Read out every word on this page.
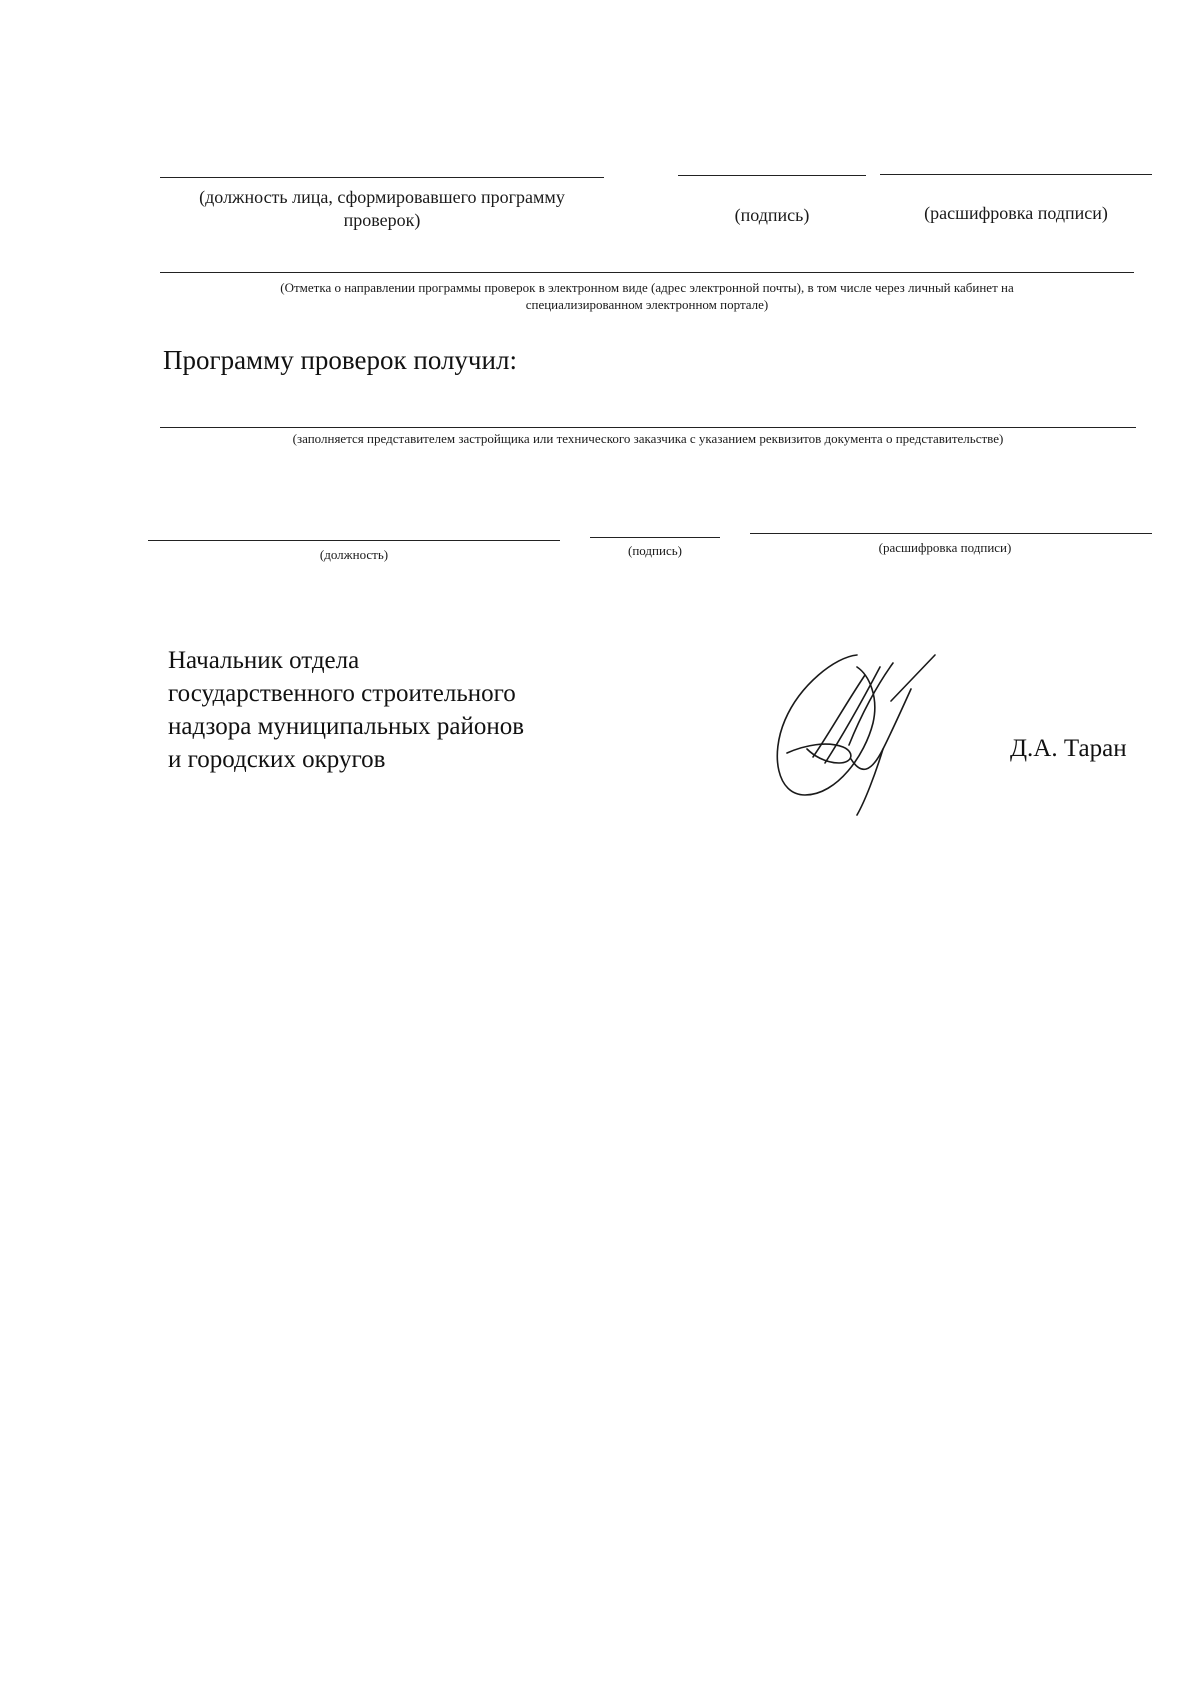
(должность лица, сформировавшего программу
проверок)	(подпись)	(расшифровка подписи)
(Отметка о направлении программы проверок в электронном виде (адрес электронной почты), в том числе через личный кабинет на
специализированном электронном портале)
Программу проверок получил:
(заполняется представителем застройщика или технического заказчика с указанием реквизитов документа о представительстве)
(должность)	(подпись)	(расшифровка подписи)
Начальник отдела
государственного строительного
надзора муниципальных районов
и городских округов	Д.А. Таран
